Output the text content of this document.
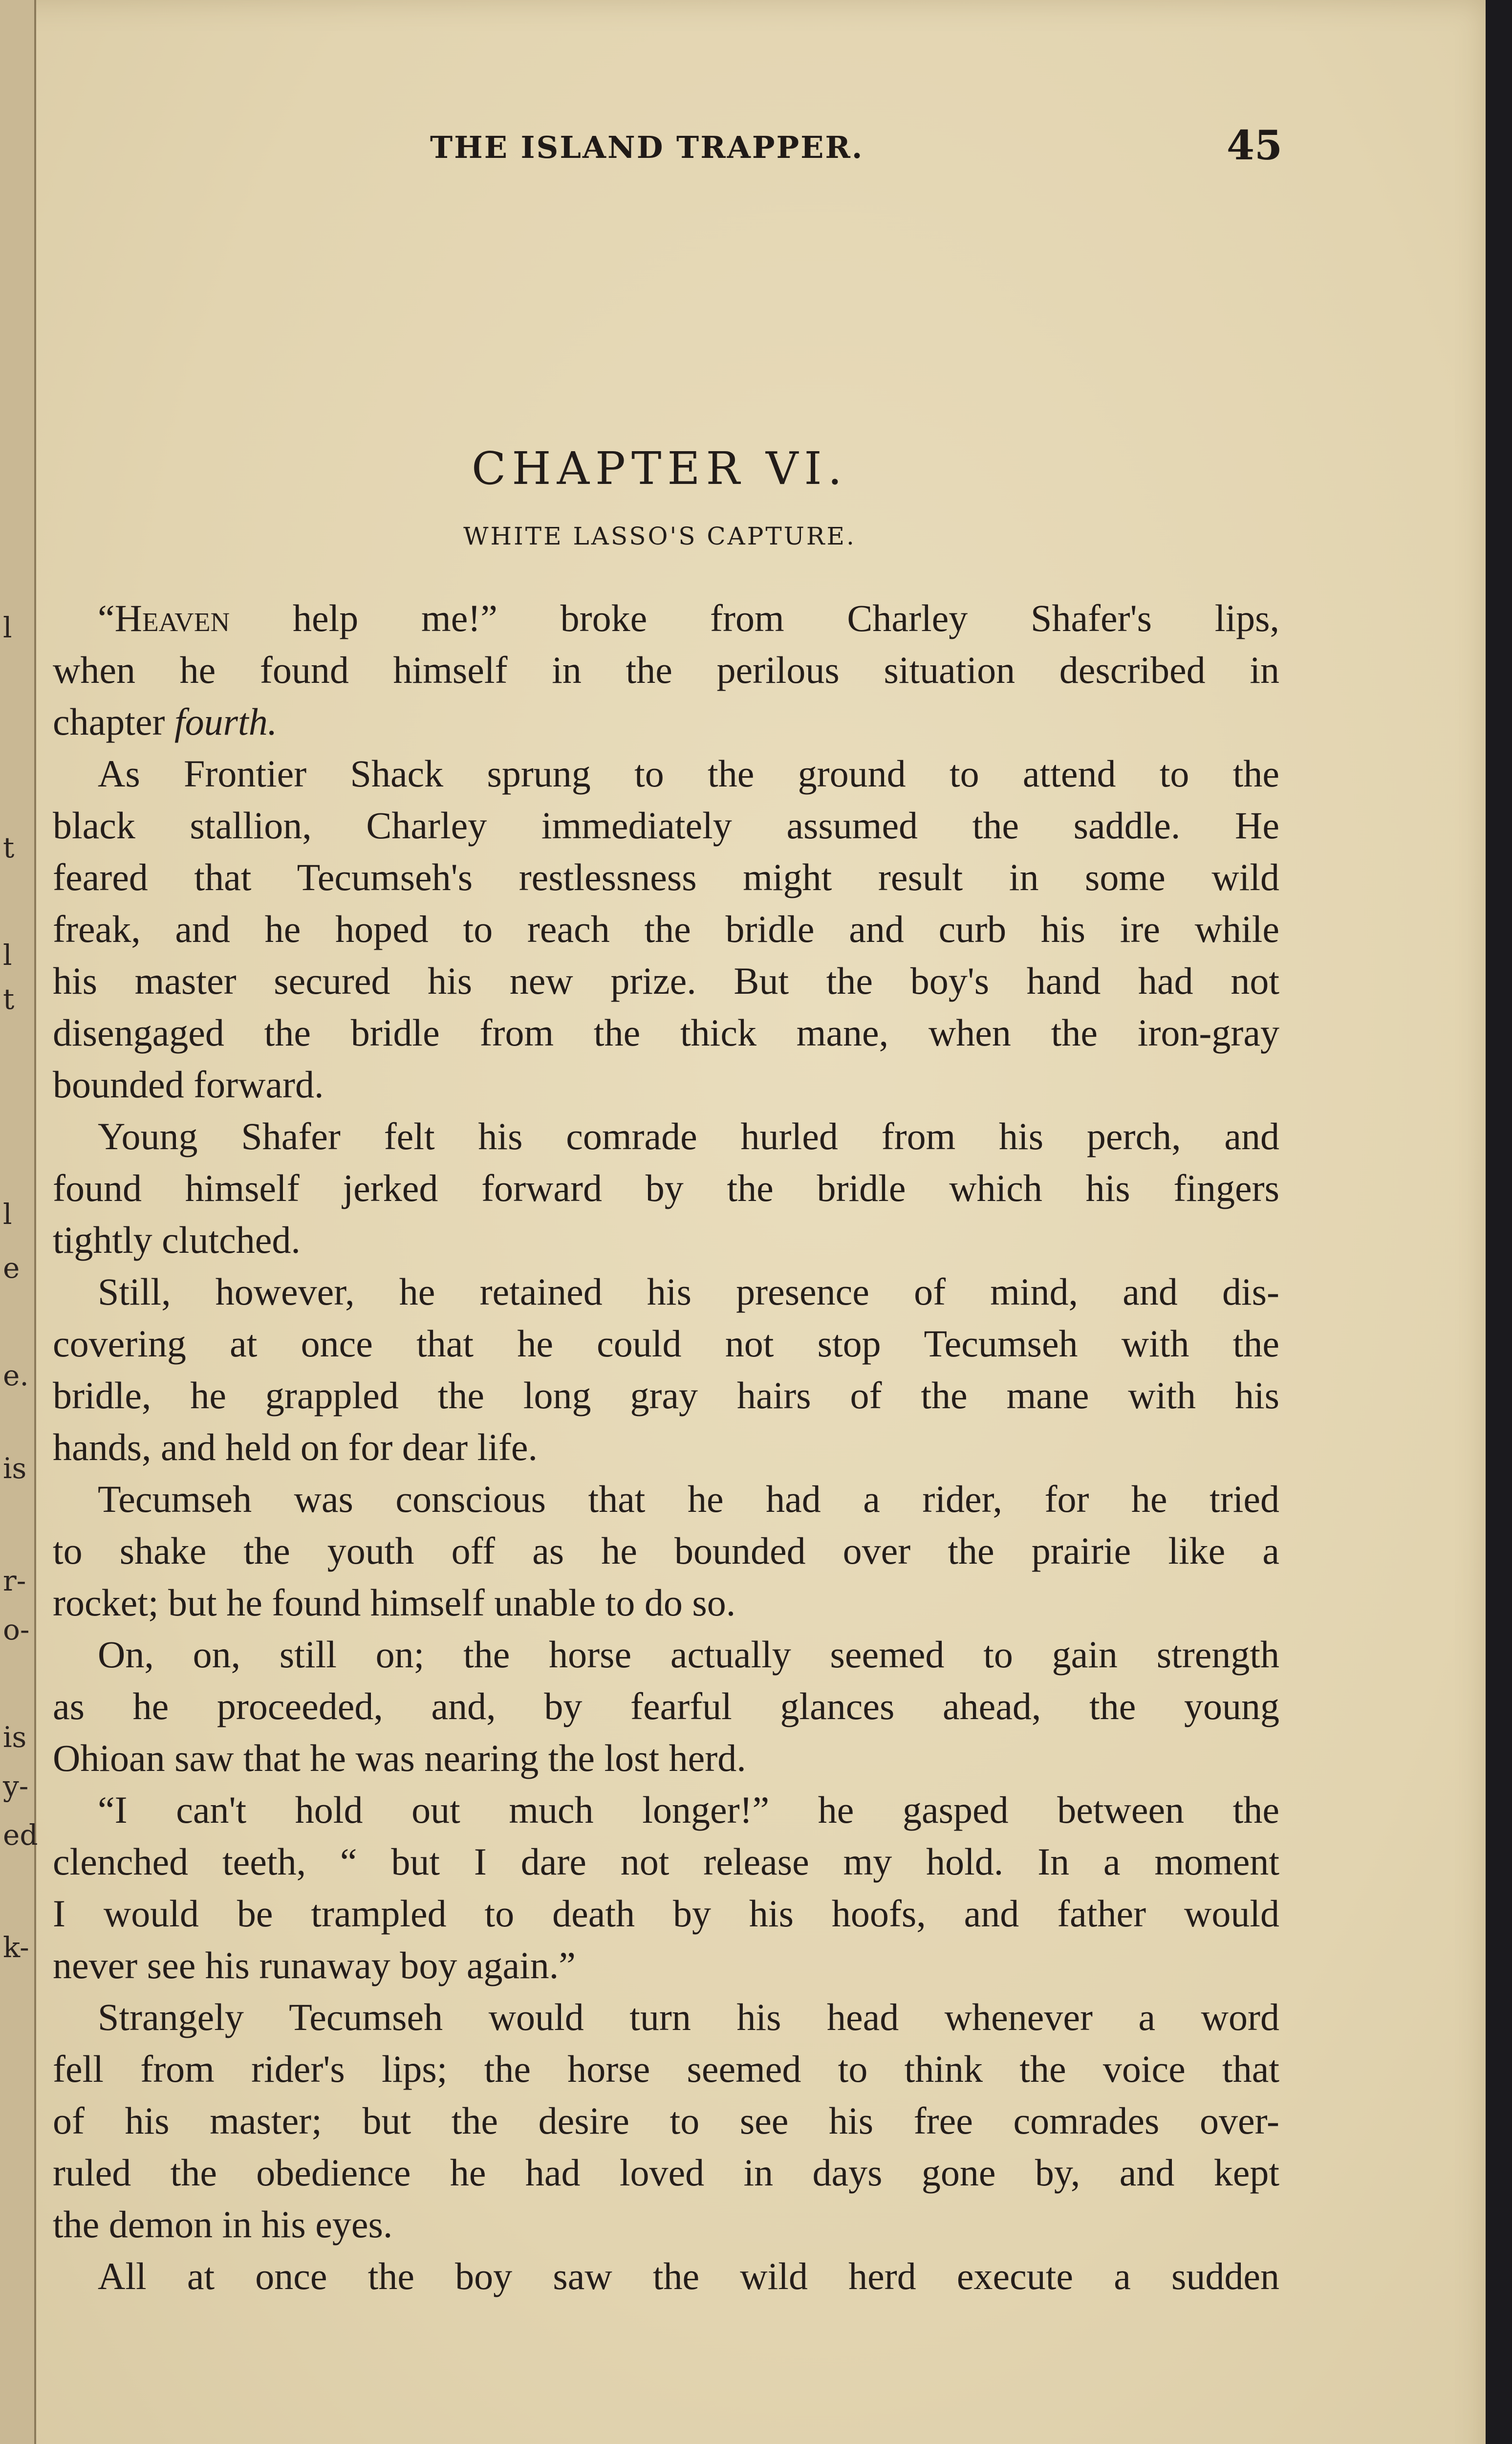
l
t
l
t
l
e
e.
is
r-
o-
is
y-
ed
k-
THE ISLAND TRAPPER.	45
CHAPTER VI.
WHITE LASSO'S CAPTURE.
“Heaven help me!” broke from Charley Shafer's lips,
when he found himself in the perilous situation described in
chapter fourth.
As Frontier Shack sprung to the ground to attend to the
black stallion, Charley immediately assumed the saddle. He
feared that Tecumseh's restlessness might result in some wild
freak, and he hoped to reach the bridle and curb his ire while
his master secured his new prize. But the boy's hand had not
disengaged the bridle from the thick mane, when the iron-gray
bounded forward.
Young Shafer felt his comrade hurled from his perch, and
found himself jerked forward by the bridle which his fingers
tightly clutched.
Still, however, he retained his presence of mind, and dis-
covering at once that he could not stop Tecumseh with the
bridle, he grappled the long gray hairs of the mane with his
hands, and held on for dear life.
Tecumseh was conscious that he had a rider, for he tried
to shake the youth off as he bounded over the prairie like a
rocket; but he found himself unable to do so.
On, on, still on; the horse actually seemed to gain strength
as he proceeded, and, by fearful glances ahead, the young
Ohioan saw that he was nearing the lost herd.
“I can't hold out much longer!” he gasped between the
clenched teeth, “ but I dare not release my hold. In a moment
I would be trampled to death by his hoofs, and father would
never see his runaway boy again.”
Strangely Tecumseh would turn his head whenever a word
fell from rider's lips; the horse seemed to think the voice that
of his master; but the desire to see his free comrades over-
ruled the obedience he had loved in days gone by, and kept
the demon in his eyes.
All at once the boy saw the wild herd execute a sudden
